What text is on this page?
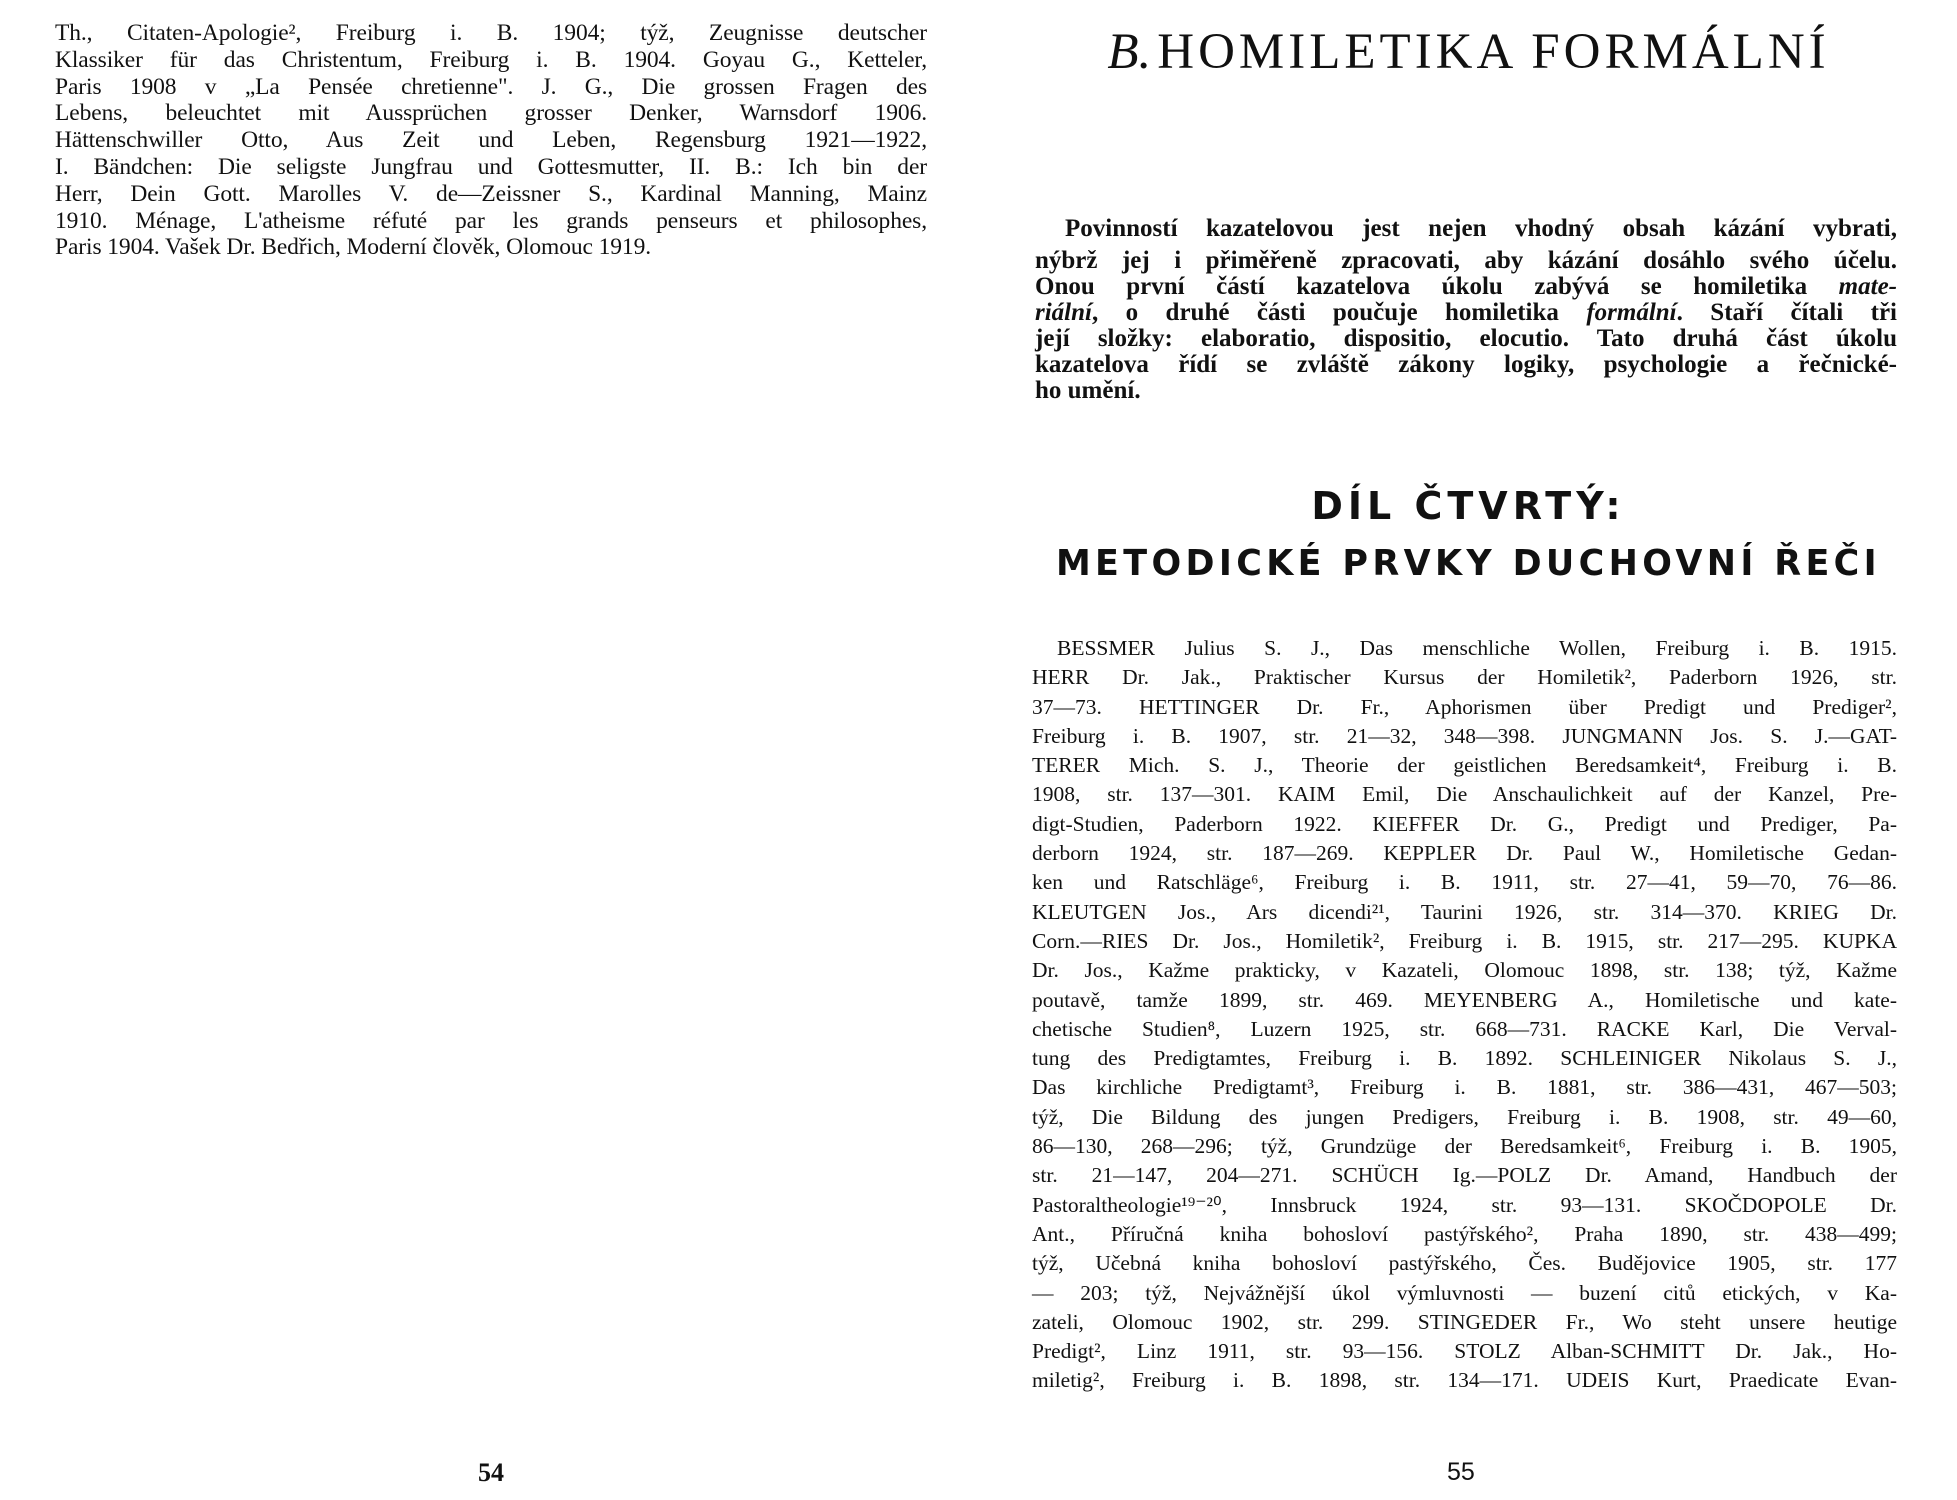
Th., Citaten-Apologie², Freiburg i. B. 1904; týž, Zeugnisse deutscher
Klassiker für das Christentum, Freiburg i. B. 1904. Goyau G., Ketteler,
Paris 1908 v „La Pensée chretienne". J. G., Die grossen Fragen des
Lebens, beleuchtet mit Aussprüchen grosser Denker, Warnsdorf 1906.
Hättenschwiller Otto, Aus Zeit und Leben, Regensburg 1921—1922,
I. Bändchen: Die seligste Jungfrau und Gottesmutter, II. B.: Ich bin der
Herr, Dein Gott. Marolles V. de—Zeissner S., Kardinal Manning, Mainz
1910. Ménage, L'atheisme réfuté par les grands penseurs et philosophes,
Paris 1904. Vašek Dr. Bedřich, Moderní člověk, Olomouc 1919.
54
B. HOMILETIKA FORMÁLNÍ
Povinností kazatelovou jest nejen vhodný obsah kázání vybrati,
nýbrž jej i přiměřeně zpracovati, aby kázání dosáhlo svého účelu.
Onou první částí kazatelova úkolu zabývá se homiletika mate-
riální, o druhé části poučuje homiletika formální. Staří čítali tři
její složky: elaboratio, dispositio, elocutio. Tato druhá část úkolu
kazatelova řídí se zvláště zákony logiky, psychologie a řečnické-
ho umění.
DÍL ČTVRTÝ:
METODICKÉ PRVKY DUCHOVNÍ ŘEČI
BESSMER Julius S. J., Das menschliche Wollen, Freiburg i. B. 1915.
HERR Dr. Jak., Praktischer Kursus der Homiletik², Paderborn 1926, str.
37—73. HETTINGER Dr. Fr., Aphorismen über Predigt und Prediger²,
Freiburg i. B. 1907, str. 21—32, 348—398. JUNGMANN Jos. S. J.—GAT-
TERER Mich. S. J., Theorie der geistlichen Beredsamkeit⁴, Freiburg i. B.
1908, str. 137—301. KAIM Emil, Die Anschaulichkeit auf der Kanzel, Pre-
digt-Studien, Paderborn 1922. KIEFFER Dr. G., Predigt und Prediger, Pa-
derborn 1924, str. 187—269. KEPPLER Dr. Paul W., Homiletische Gedan-
ken und Ratschläge⁶, Freiburg i. B. 1911, str. 27—41, 59—70, 76—86.
KLEUTGEN Jos., Ars dicendi²¹, Taurini 1926, str. 314—370. KRIEG Dr.
Corn.—RIES Dr. Jos., Homiletik², Freiburg i. B. 1915, str. 217—295. KUPKA
Dr. Jos., Kažme prakticky, v Kazateli, Olomouc 1898, str. 138; týž, Kažme
poutavě, tamže 1899, str. 469. MEYENBERG A., Homiletische und kate-
chetische Studien⁸, Luzern 1925, str. 668—731. RACKE Karl, Die Verval-
tung des Predigtamtes, Freiburg i. B. 1892. SCHLEINIGER Nikolaus S. J.,
Das kirchliche Predigtamt³, Freiburg i. B. 1881, str. 386—431, 467—503;
týž, Die Bildung des jungen Predigers, Freiburg i. B. 1908, str. 49—60,
86—130, 268—296; týž, Grundzüge der Beredsamkeit⁶, Freiburg i. B. 1905,
str. 21—147, 204—271. SCHÜCH Ig.—POLZ Dr. Amand, Handbuch der
Pastoraltheologie¹⁹⁻²⁰, Innsbruck 1924, str. 93—131. SKOČDOPOLE Dr.
Ant., Příručná kniha bohosloví pastýřského², Praha 1890, str. 438—499;
týž, Učebná kniha bohosloví pastýřského, Čes. Budějovice 1905, str. 177
— 203; týž, Nejvážnější úkol výmluvnosti — buzení citů etických, v Ka-
zateli, Olomouc 1902, str. 299. STINGEDER Fr., Wo steht unsere heutige
Predigt², Linz 1911, str. 93—156. STOLZ Alban-SCHMITT Dr. Jak., Ho-
miletig², Freiburg i. B. 1898, str. 134—171. UDEIS Kurt, Praedicate Evan-
55
